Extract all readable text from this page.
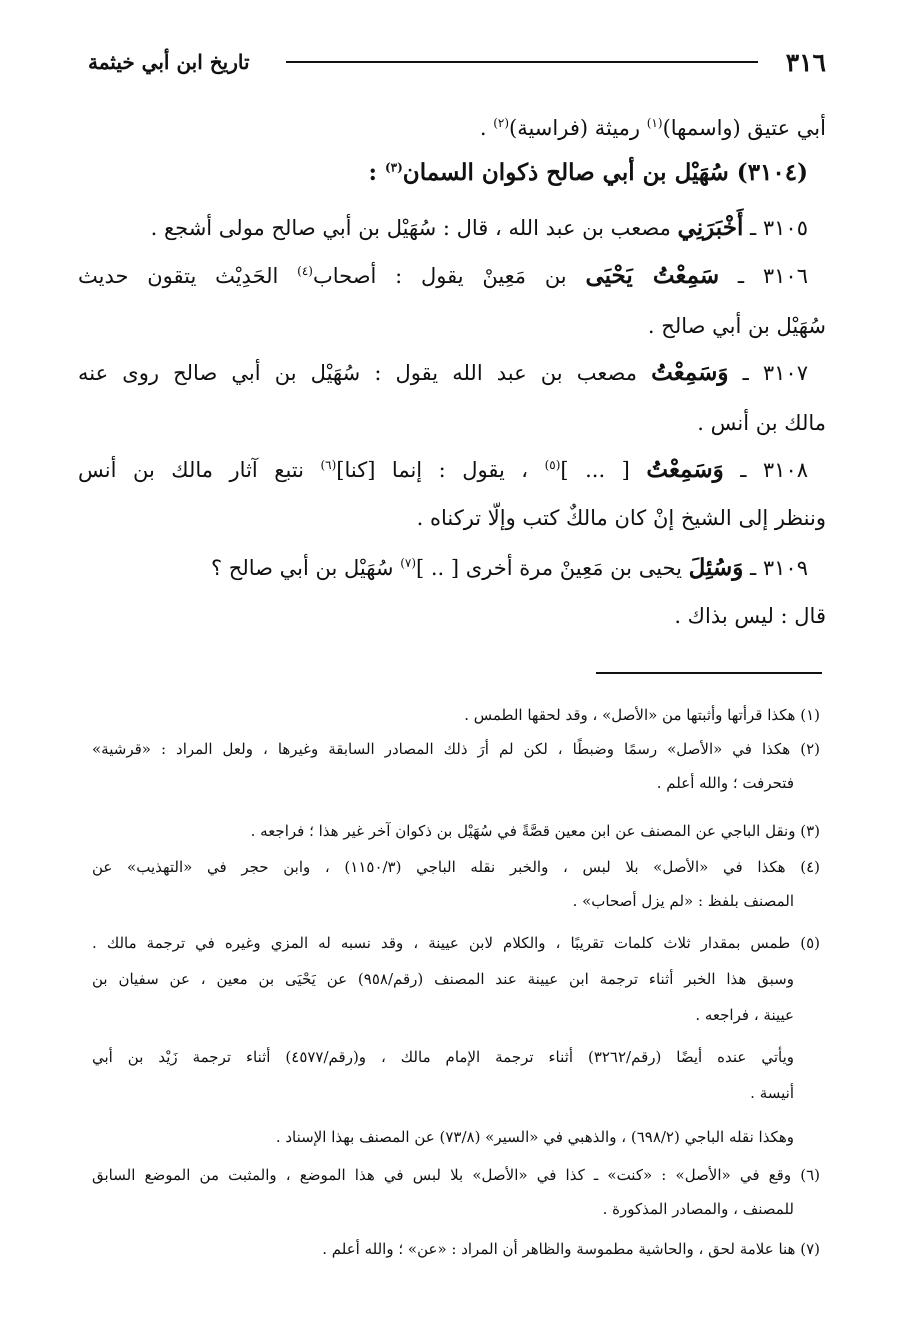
٣١٦
تاريخ ابن أبي خيثمة
أبي عتيق (واسمها)$^{(١)}$ رميثة (فراسية)$^{(٢)}$ .
(٣١٠٤) سُهَيْل بن أبي صالح ذكوان السمان$^{(٣)}$ :
٣١٠٥ ـ أَخْبَرَنِي مصعب بن عبد الله ، قال : سُهَيْل بن أبي صالح مولى أشجع .
٣١٠٦ ـ سَمِعْتُ يَحْيَى بن مَعِينْ يقول : أصحاب$^{(٤)}$ الحَدِيْث يتقون حديث
سُهَيْل بن أبي صالح .
٣١٠٧ ـ وَسَمِعْتُ مصعب بن عبد الله يقول : سُهَيْل بن أبي صالح روى عنه
مالك بن أنس .
٣١٠٨ ـ وَسَمِعْتُ [ ... ]$^{(٥)}$ ، يقول : إنما [كنا]$^{(٦)}$ نتبع آثار مالك بن أنس
وننظر إلى الشيخ إنْ كان مالكٌ كتب وإلّا تركناه .
٣١٠٩ ـ وَسُئِلَ يحيى بن مَعِينْ مرة أخرى [ .. ]$^{(٧)}$ سُهَيْل بن أبي صالح ؟
قال : ليس بذاك .
(١) هكذا قرأتها وأثبتها من «الأصل» ، وقد لحقها الطمس .
(٢) هكذا في «الأصل» رسمًا وضبطًا ، لكن لم أرَ ذلك المصادر السابقة وغيرها ، ولعل المراد : «قرشية»
فتحرفت ؛ والله أعلم .
(٣) ونقل الباجي عن المصنف عن ابن معين قصَّةً في سُهَيْل بن ذكوان آخر غير هذا ؛ فراجعه .
(٤) هكذا في «الأصل» بلا لبس ، والخبر نقله الباجي (١١٥٠/٣) ، وابن حجر في «التهذيب» عن
المصنف بلفظ : «لم يزل أصحاب» .
(٥) طمس بمقدار ثلاث كلمات تقريبًا ، والكلام لابن عيينة ، وقد نسبه له المزي وغيره في ترجمة مالك .
وسبق هذا الخبر أثناء ترجمة ابن عيينة عند المصنف (رقم/٩٥٨) عن يَحْيَى بن معين ، عن سفيان بن
عيينة ، فراجعه .
ويأتي عنده أيضًا (رقم/٣٢٦٢) أثناء ترجمة الإمام مالك ، و(رقم/٤٥٧٧) أثناء ترجمة زَيْد بن أبي
أنيسة .
وهكذا نقله الباجي (٦٩٨/٢) ، والذهبي في «السير» (٧٣/٨) عن المصنف بهذا الإسناد .
(٦) وقع في «الأصل» : «كنت» ـ كذا في «الأصل» بلا لبس في هذا الموضع ، والمثبت من الموضع السابق
للمصنف ، والمصادر المذكورة .
(٧) هنا علامة لحق ، والحاشية مطموسة والظاهر أن المراد : «عن» ؛ والله أعلم .
